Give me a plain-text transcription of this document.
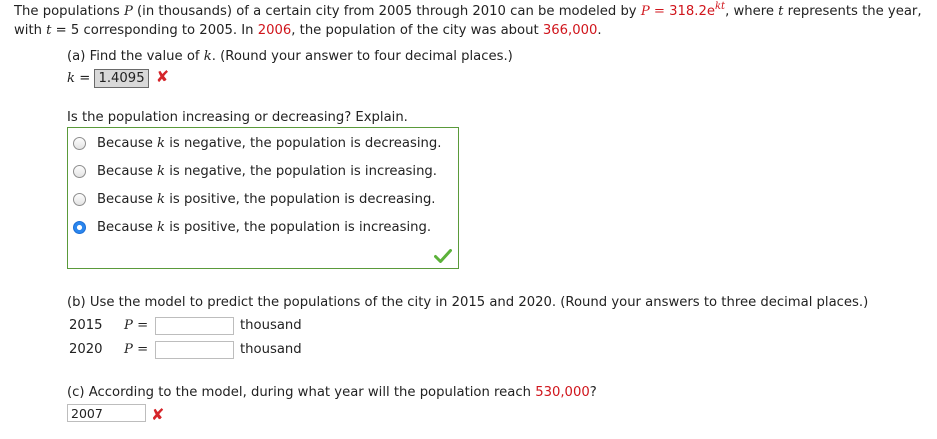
The populations P (in thousands) of a certain city from 2005 through 2010 can be modeled by $P = 318.2e^{kt}$, where t represents the year,
with t = 5 corresponding to 2005. In 2006, the population of the city was about 366,000.
(a) Find the value of k. (Round your answer to four decimal places.)
k = 1.4095 ✘
Is the population increasing or decreasing? Explain.
Because k is negative, the population is decreasing.
Because k is negative, the population is increasing.
Because k is positive, the population is decreasing.
Because k is positive, the population is increasing.
(b) Use the model to predict the populations of the city in 2015 and 2020. (Round your answers to three decimal places.)
2015 P =	thousand
2020 P =	thousand
(c) According to the model, during what year will the population reach 530,000?
2007
✘
